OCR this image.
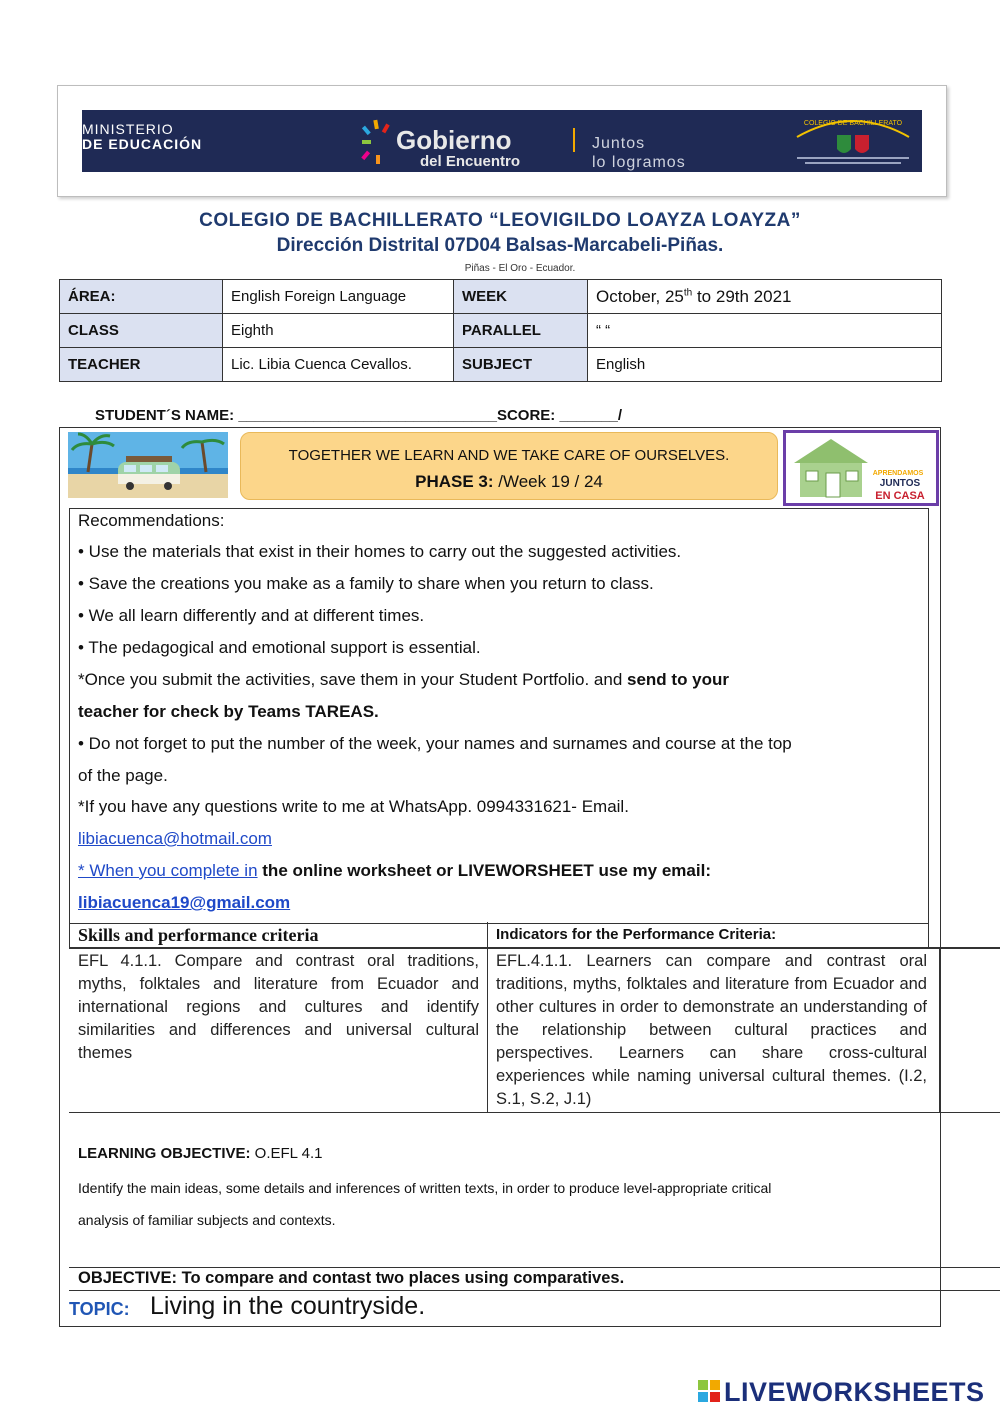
MINISTERIO
DE EDUCACIÓN	Gobierno
del Encuentro
Juntos
lo logramos
COLEGIO DE BACHILLERATO
COLEGIO DE BACHILLERATO “LEOVIGILDO LOAYZA LOAYZA”
Dirección Distrital 07D04 Balsas-Marcabeli-Piñas.
Piñas - El Oro - Ecuador.
ÁREA:	English Foreign Language	WEEK	October, 25th to 29th 2021
CLASS	Eighth	PARALLEL	“ “
TEACHER	Lic. Libia Cuenca Cevallos.	SUBJECT	English
STUDENT´S NAME: _______________________________SCORE: _______/
TOGETHER WE LEARN AND WE TAKE CARE OF OURSELVES.
PHASE 3: /Week 19 / 24	APRENDAMOS
JUNTOS
EN CASA
Recommendations:
• Use the materials that exist in their homes to carry out the suggested activities.
• Save the creations you make as a family to share when you return to class.
• We all learn differently and at different times.
• The pedagogical and emotional support is essential.
*Once you submit the activities, save them in your Student Portfolio. and send to your
teacher for check by Teams TAREAS.
• Do not forget to put the number of the week, your names and surnames and course at the top
of the page.
*If you have any questions write to me at WhatsApp. 0994331621- Email.
libiacuenca@hotmail.com
* When you complete in the online worksheet or LIVEWORSHEET use my email:
libiacuenca19@gmail.com
Skills and performance criteria	Indicators for the Performance Criteria:
EFL 4.1.1. Compare and contrast oral traditions, myths, folktales and literature from Ecuador and international regions and cultures and identify similarities and differences and universal cultural themes
EFL.4.1.1. Learners can compare and contrast oral traditions, myths, folktales and literature from Ecuador and other cultures in order to demonstrate an understanding of the relationship between cultural practices and perspectives. Learners can share cross-cultural experiences while naming universal cultural themes. (I.2, S.1, S.2, J.1)
LEARNING OBJECTIVE: O.EFL 4.1
Identify the main ideas, some details and inferences of written texts, in order to produce level-appropriate critical
analysis of familiar subjects and contexts.
OBJECTIVE: To compare and contast two places using comparatives.
TOPIC: Living in the countryside.
LIVEWORKSHEETS
